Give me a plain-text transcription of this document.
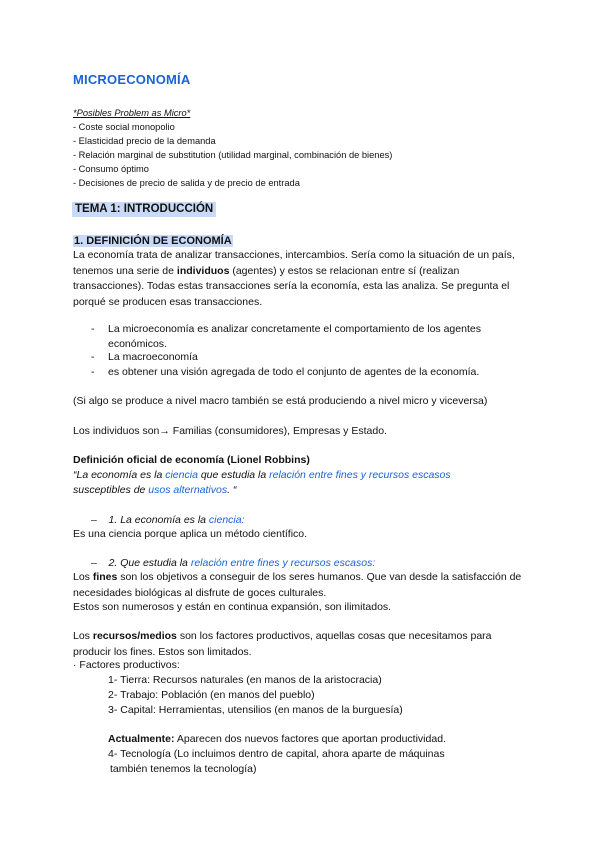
MICROECONOMÍA
*Posibles Problem as Micro*
- Coste social monopolio
- Elasticidad precio de la demanda
- Relación marginal de substitution (utilidad marginal, combinación de bienes)
- Consumo óptimo
- Decisiones de precio de salida y de precio de entrada
TEMA 1: INTRODUCCIÓN
1. DEFINICIÓN DE ECONOMÍA

La economía trata de analizar transacciones, intercambios. Sería como la situación de un país, tenemos una serie de individuos (agentes) y estos se relacionan entre sí (realizan transacciones). Todas estas transacciones sería la economía, esta las analiza. Se pregunta el porqué se producen esas transacciones.

- La microeconomía es analizar concretamente el comportamiento de los agentes económicos.
- La macroeconomía
- es obtener una visión agregada de todo el conjunto de agentes de la economía.
(Si algo se produce a nivel macro también se está produciendo a nivel micro y viceversa)
Los individuos son→ Familias (consumidores), Empresas y Estado.
Definición oficial de economía (Lionel Robbins)
“La economía es la ciencia que estudia la relación entre fines y recursos escasos
susceptibles de usos alternativos. “
– 1. La economía es la ciencia:
Es una ciencia porque aplica un método científico.
– 2. Que estudia la relación entre fines y recursos escasos:

Los fines son los objetivos a conseguir de los seres humanos. Que van desde la satisfacción de necesidades biológicas al disfrute de goces culturales.

Estos son numerosos y están en continua expansión, son ilimitados.

Los recursos/medios son los factores productivos, aquellas cosas que necesitamos para producir los fines. Estos son limitados.

· Factores productivos:
1- Tierra: Recursos naturales (en manos de la aristocracia)
2- Trabajo: Población (en manos del pueblo)
3- Capital: Herramientas, utensilios (en manos de la burguesía)
Actualmente: Aparecen dos nuevos factores que aportan productividad.
4- Tecnología (Lo incluimos dentro de capital, ahora aparte de máquinas
también tenemos la tecnología)
